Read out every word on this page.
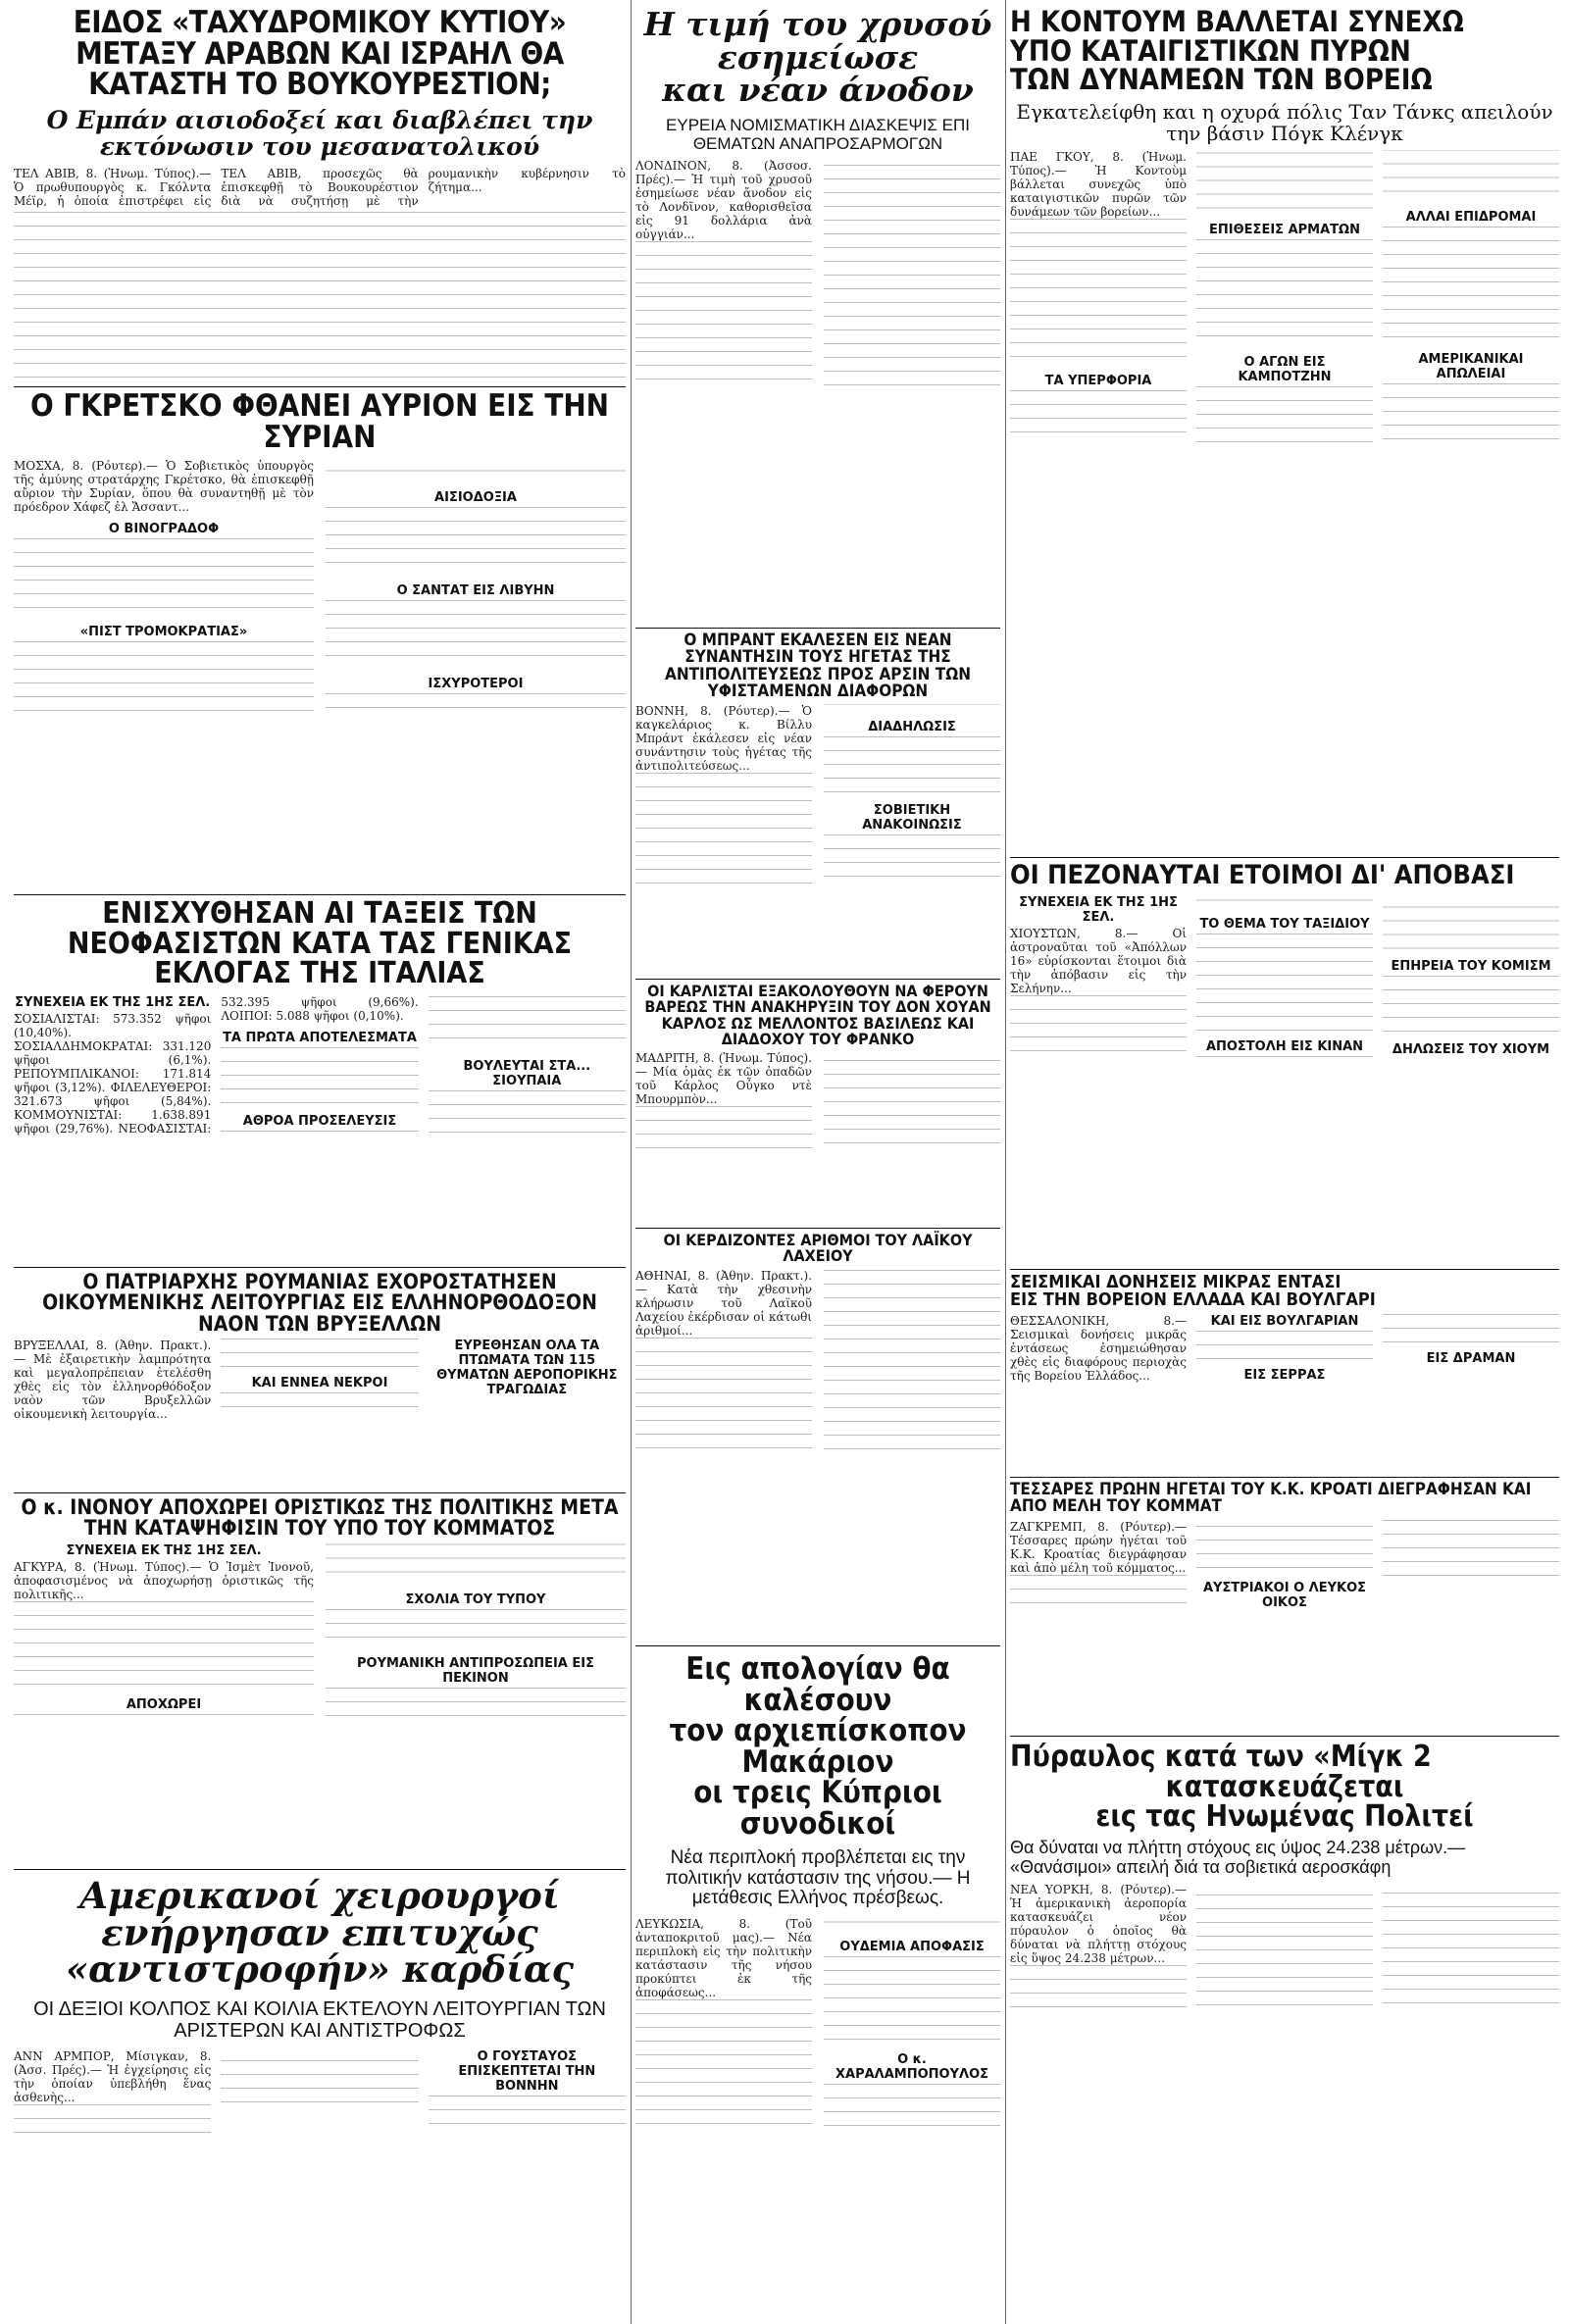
ΕΙΔΟΣ «ΤΑΧΥΔΡΟΜΙΚΟΥ ΚΥΤΙΟΥ» ΜΕΤΑΞΥ ΑΡΑΒΩΝ ΚΑΙ ΙΣΡΑΗΛ ΘΑ ΚΑΤΑΣΤΗ ΤΟ ΒΟΥΚΟΥΡΕΣΤΙΟΝ;

Ο Εμπάν αισιοδοξεί και διαβλέπει την εκτόνωσιν του μεσανατολικού

ΤΕΛ ΑΒΙΒ, 8. (Ἠνωμ. Τύπος).— Ὁ πρωθυπουργὸς κ. Γκόλντα Μέϊρ, ἡ ὁποία ἐπιστρέφει εἰς ΤΕΛ ΑΒΙΒ, προσεχῶς θὰ ἐπισκεφθῇ τὸ Βουκουρέστιον διὰ νὰ συζητήσῃ μὲ τὴν ρουμανικὴν κυβέρνησιν τὸ ζήτημα...

Ο ΓΚΡΕΤΣΚΟ ΦΘΑΝΕΙ ΑΥΡΙΟΝ ΕΙΣ ΤΗΝ ΣΥΡΙΑΝ

ΜΟΣΧΑ, 8. (Ρόυτερ).— Ὁ Σοβιετικὸς ὑπουργὸς τῆς ἀμύνης στρατάρχης Γκρέτσκο, θὰ ἐπισκεφθῇ αὔριον τὴν Συρίαν, ὅπου θὰ συναντηθῇ μὲ τὸν πρόεδρον Χάφεζ ἐλ Ἄσσαντ...

Ο ΒΙΝΟΓΡΑΔΟΦ

«ΠΙΣΤ ΤΡΟΜΟΚΡΑΤΙΑΣ»

ΑΙΣΙΟΔΟΞΙΑ

Ο ΣΑΝΤΑΤ ΕΙΣ ΛΙΒΥΗΝ

ΙΣΧΥΡΟΤΕΡΟΙ

ΕΝΙΣΧΥΘΗΣΑΝ ΑΙ ΤΑΞΕΙΣ ΤΩΝ ΝΕΟΦΑΣΙΣΤΩΝ ΚΑΤΑ ΤΑΣ ΓΕΝΙΚΑΣ ΕΚΛΟΓΑΣ ΤΗΣ ΙΤΑΛΙΑΣ

ΣΥΝΕΧΕΙΑ ΕΚ ΤΗΣ 1ΗΣ ΣΕΛ.

ΣΟΣΙΑΛΙΣΤΑΙ: 573.352 ψῆφοι (10,40%). ΣΟΣΙΑΛΔΗΜΟΚΡΑΤΑΙ: 331.120 ψῆφοι (6,1%). ΡΕΠΟΥΜΠΛΙΚΑΝΟΙ: 171.814 ψῆφοι (3,12%). ΦΙΛΕΛΕΥΘΕΡΟΙ: 321.673 ψῆφοι (5,84%). ΚΟΜΜΟΥΝΙΣΤΑΙ: 1.638.891 ψῆφοι (29,76%). ΝΕΟΦΑΣΙΣΤΑΙ: 532.395 ψῆφοι (9,66%). ΛΟΙΠΟΙ: 5.088 ψῆφοι (0,10%).

ΤΑ ΠΡΩΤΑ ΑΠΟΤΕΛΕΣΜΑΤΑ

ΑΘΡΟΑ ΠΡΟΣΕΛΕΥΣΙΣ

ΒΟΥΛΕΥΤΑΙ ΣΤΑ... ΣΙΟΥΠΑΙΑ

Ο ΠΑΤΡΙΑΡΧΗΣ ΡΟΥΜΑΝΙΑΣ ΕΧΟΡΟΣΤΑΤΗΣΕΝ ΟΙΚΟΥΜΕΝΙΚΗΣ ΛΕΙΤΟΥΡΓΙΑΣ ΕΙΣ ΕΛΛΗΝΟΡΘΟΔΟΞΟΝ ΝΑΟΝ ΤΩΝ ΒΡΥΞΕΛΛΩΝ

ΒΡΥΞΕΛΛΑΙ, 8. (Ἀθην. Πρακτ.).— Μὲ ἐξαιρετικὴν λαμπρότητα καὶ μεγαλοπρέπειαν ἐτελέσθη χθὲς εἰς τὸν ἑλληνορθόδοξον ναὸν τῶν Βρυξελλῶν οἰκουμενικὴ λειτουργία...

ΚΑΙ ΕΝΝΕΑ ΝΕΚΡΟΙ

ΕΥΡΕΘΗΣΑΝ ΟΛΑ ΤΑ ΠΤΩΜΑΤΑ ΤΩΝ 115 ΘΥΜΑΤΩΝ ΑΕΡΟΠΟΡΙΚΗΣ ΤΡΑΓΩΔΙΑΣ

Ο κ. ΙΝΟΝΟΥ ΑΠΟΧΩΡΕΙ ΟΡΙΣΤΙΚΩΣ ΤΗΣ ΠΟΛΙΤΙΚΗΣ ΜΕΤΑ ΤΗΝ ΚΑΤΑΨΗΦΙΣΙΝ ΤΟΥ ΥΠΟ ΤΟΥ ΚΟΜΜΑΤΟΣ

ΣΥΝΕΧΕΙΑ ΕΚ ΤΗΣ 1ΗΣ ΣΕΛ.

ΑΓΚΥΡΑ, 8. (Ἠνωμ. Τύπος).— Ὁ Ἰσμὲτ Ἰνονοῦ, ἀποφασισμένος νὰ ἀποχωρήσῃ ὁριστικῶς τῆς πολιτικῆς...

ΑΠΟΧΩΡΕΙ

ΣΧΟΛΙΑ ΤΟΥ ΤΥΠΟΥ

ΡΟΥΜΑΝΙΚΗ ΑΝΤΙΠΡΟΣΩΠΕΙΑ ΕΙΣ ΠΕΚΙΝΟΝ

Αμερικανοί χειρουργοί
ενήργησαν επιτυχώς
«αντιστροφήν» καρδίας

ΟΙ ΔΕΞΙΟΙ ΚΟΛΠΟΣ ΚΑΙ ΚΟΙΛΙΑ ΕΚΤΕΛΟΥΝ ΛΕΙΤΟΥΡΓΙΑΝ ΤΩΝ ΑΡΙΣΤΕΡΩΝ ΚΑΙ ΑΝΤΙΣΤΡΟΦΩΣ

ΑΝΝ ΑΡΜΠΟΡ, Μίσιγκαν, 8. (Ἀσσ. Πρές).— Ἡ ἐγχείρησις εἰς τὴν ὁποίαν ὑπεβλήθη ἕνας ἀσθενὴς...

Ο ΓΟΥΣΤΑΥΟΣ ΕΠΙΣΚΕΠΤΕΤΑΙ ΤΗΝ ΒΟΝΝΗΝ

Η τιμή του χρυσού
εσημείωσε
και νέαν άνοδον

ΕΥΡΕΙΑ ΝΟΜΙΣΜΑΤΙΚΗ ΔΙΑΣΚΕΨΙΣ ΕΠΙ ΘΕΜΑΤΩΝ ΑΝΑΠΡΟΣΑΡΜΟΓΩΝ

ΛΟΝΔΙΝΟΝ, 8. (Ἀσσοσ. Πρές).— Ἡ τιμὴ τοῦ χρυσοῦ ἐσημείωσε νέαν ἄνοδον εἰς τὸ Λονδῖνον, καθορισθεῖσα εἰς 91 δολλάρια ἀνὰ οὐγγιάν...

Ο ΜΠΡΑΝΤ ΕΚΑΛΕΣΕΝ ΕΙΣ ΝΕΑΝ ΣΥΝΑΝΤΗΣΙΝ ΤΟΥΣ ΗΓΕΤΑΣ ΤΗΣ ΑΝΤΙΠΟΛΙΤΕΥΣΕΩΣ ΠΡΟΣ ΑΡΣΙΝ ΤΩΝ ΥΦΙΣΤΑΜΕΝΩΝ ΔΙΑΦΟΡΩΝ

ΒΟΝΝΗ, 8. (Ρόυτερ).— Ὁ καγκελάριος κ. Βίλλυ Μπράντ ἐκάλεσεν εἰς νέαν συνάντησιν τοὺς ἡγέτας τῆς ἀντιπολιτεύσεως...

ΔΙΑΔΗΛΩΣΙΣ

ΣΟΒΙΕΤΙΚΗ ΑΝΑΚΟΙΝΩΣΙΣ

ΟΙ ΚΑΡΛΙΣΤΑΙ ΕΞΑΚΟΛΟΥΘΟΥΝ ΝΑ ΦΕΡΟΥΝ ΒΑΡΕΩΣ ΤΗΝ ΑΝΑΚΗΡΥΞΙΝ ΤΟΥ ΔΟΝ ΧΟΥΑΝ ΚΑΡΛΟΣ ΩΣ ΜΕΛΛΟΝΤΟΣ ΒΑΣΙΛΕΩΣ ΚΑΙ ΔΙΑΔΟΧΟΥ ΤΟΥ ΦΡΑΝΚΟ

ΜΑΔΡΙΤΗ, 8. (Ἠνωμ. Τύπος).— Μία ὁμὰς ἐκ τῶν ὀπαδῶν τοῦ Κάρλος Οὖγκο ντὲ Μπουρμπὸν...

ΟΙ ΚΕΡΔΙΖΟΝΤΕΣ ΑΡΙΘΜΟΙ ΤΟΥ ΛΑΪΚΟΥ ΛΑΧΕΙΟΥ

ΑΘΗΝΑΙ, 8. (Ἀθην. Πρακτ.).— Κατὰ τὴν χθεσινὴν κλήρωσιν τοῦ Λαϊκοῦ Λαχείου ἐκέρδισαν οἱ κάτωθι ἀριθμοί...

Εις απολογίαν θα καλέσουν
τον αρχιεπίσκοπον Μακάριον
οι τρεις Κύπριοι συνοδικοί

Νέα περιπλοκή προβλέπεται εις την πολιτικήν κατάστασιν της νήσου.— Η μετάθεσις Ελλήνος πρέσβεως.

ΛΕΥΚΩΣΙΑ, 8. (Τοῦ ἀνταποκριτοῦ μας).— Νέα περιπλοκὴ εἰς τὴν πολιτικὴν κατάστασιν τῆς νήσου προκύπτει ἐκ τῆς ἀποφάσεως...

ΟΥΔΕΜΙΑ ΑΠΟΦΑΣΙΣ

Ο κ. ΧΑΡΑΛΑΜΠΟΠΟΥΛΟΣ

Η ΚΟΝΤΟΥΜ ΒΑΛΛΕΤΑΙ ΣΥΝΕΧΩ
ΥΠΟ ΚΑΤΑΙΓΙΣΤΙΚΩΝ ΠΥΡΩΝ
ΤΩΝ ΔΥΝΑΜΕΩΝ ΤΩΝ ΒΟΡΕΙΩ

Εγκατελείφθη και η οχυρά πόλις Ταν Τάνκς απειλούν την βάσιν Πόγκ Κλένγκ

ΠΑΕ ΓΚΟΥ, 8. (Ἠνωμ. Τύπος).— Ἡ Κοντοὺμ βάλλεται συνεχῶς ὑπὸ καταιγιστικῶν πυρῶν τῶν δυνάμεων τῶν βορείων...

ΤΑ ΥΠΕΡΦΟΡΙΑ

ΕΠΙΘΕΣΕΙΣ ΑΡΜΑΤΩΝ

Ο ΑΓΩΝ ΕΙΣ ΚΑΜΠΟΤΖΗΝ

ΑΛΛΑΙ ΕΠΙΔΡΟΜΑΙ

ΑΜΕΡΙΚΑΝΙΚΑΙ ΑΠΩΛΕΙΑΙ

ΟΙ ΠΕΖΟΝΑΥΤΑΙ ΕΤΟΙΜΟΙ ΔΙ' ΑΠΟΒΑΣΙ

ΣΥΝΕΧΕΙΑ ΕΚ ΤΗΣ 1ΗΣ ΣΕΛ.

ΧΙΟΥΣΤΩΝ, 8.— Οἱ ἀστροναῦται τοῦ «Ἀπόλλων 16» εὑρίσκονται ἕτοιμοι διὰ τὴν ἀπόβασιν εἰς τὴν Σελήνην...

ΤΟ ΘΕΜΑ ΤΟΥ ΤΑΞΙΔΙΟΥ

ΑΠΟΣΤΟΛΗ ΕΙΣ ΚΙΝΑΝ

ΕΠΗΡΕΙΑ ΤΟΥ ΚΟΜΙΣΜ

ΔΗΛΩΣΕΙΣ ΤΟΥ ΧΙΟΥΜ

ΣΕΙΣΜΙΚΑΙ ΔΟΝΗΣΕΙΣ ΜΙΚΡΑΣ ΕΝΤΑΣΙ
ΕΙΣ ΤΗΝ ΒΟΡΕΙΟΝ ΕΛΛΑΔΑ ΚΑΙ ΒΟΥΛΓΑΡΙ

ΘΕΣΣΑΛΟΝΙΚΗ, 8.— Σεισμικαὶ δονήσεις μικρᾶς ἐντάσεως ἐσημειώθησαν χθὲς εἰς διαφόρους περιοχὰς τῆς Βορείου Ἑλλάδος...

ΚΑΙ ΕΙΣ ΒΟΥΛΓΑΡΙΑΝ

ΕΙΣ ΣΕΡΡΑΣ

ΕΙΣ ΔΡΑΜΑΝ

ΤΕΣΣΑΡΕΣ ΠΡΩΗΝ ΗΓΕΤΑΙ ΤΟΥ Κ.Κ. ΚΡΟΑΤΙ ΔΙΕΓΡΑΦΗΣΑΝ ΚΑΙ ΑΠΟ ΜΕΛΗ ΤΟΥ ΚΟΜΜΑΤ

ΖΑΓΚΡΕΜΠ, 8. (Ρόυτερ).— Τέσσαρες πρώην ἡγέται τοῦ Κ.Κ. Κροατίας διεγράφησαν καὶ ἀπὸ μέλη τοῦ κόμματος...

ΑΥΣΤΡΙΑΚΟΙ Ο ΛΕΥΚΟΣ ΟΙΚΟΣ

Πύραυλος κατά των «Μίγκ 2
κατασκευάζεται
εις τας Ηνωμένας Πολιτεί

Θα δύναται να πλήττη στόχους εις ύψος 24.238 μέτρων.— «Θανάσιμοι» απειλή διά τα σοβιετικά αεροσκάφη

ΝΕΑ ΥΟΡΚΗ, 8. (Ρόυτερ).— Ἡ ἀμερικανικὴ ἀεροπορία κατασκευάζει νέον πύραυλον ὁ ὁποῖος θὰ δύναται νὰ πλήττῃ στόχους εἰς ὕψος 24.238 μέτρων...
